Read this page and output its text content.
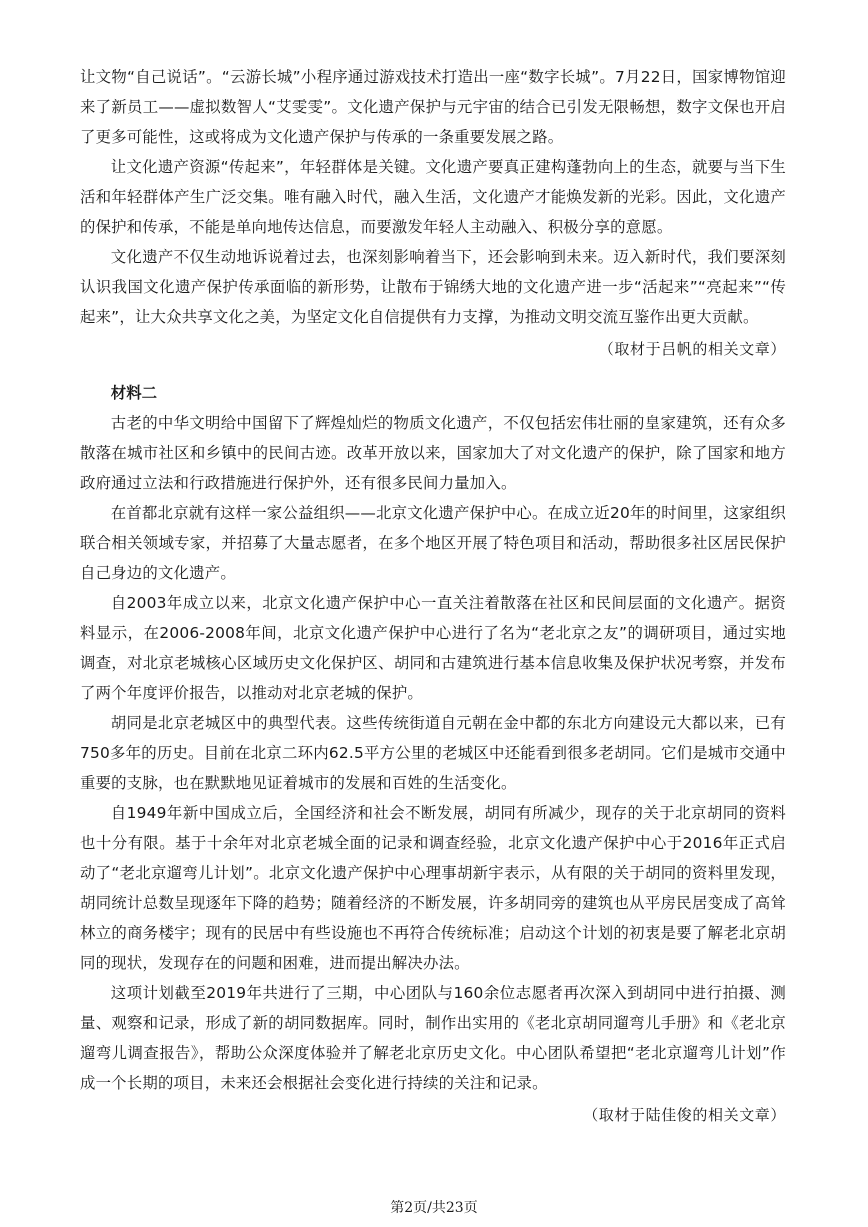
让文物“自己说话”。“云游长城”小程序通过游戏技术打造出一座“数字长城”。7月22日，国家博物馆迎来了新员工——虚拟数智人“艾雯雯”。文化遗产保护与元宇宙的结合已引发无限畅想，数字文保也开启了更多可能性，这或将成为文化遗产保护与传承的一条重要发展之路。

让文化遗产资源“传起来”，年轻群体是关键。文化遗产要真正建构蓬勃向上的生态，就要与当下生活和年轻群体产生广泛交集。唯有融入时代，融入生活，文化遗产才能焕发新的光彩。因此，文化遗产的保护和传承，不能是单向地传达信息，而要激发年轻人主动融入、积极分享的意愿。

文化遗产不仅生动地诉说着过去，也深刻影响着当下，还会影响到未来。迈入新时代，我们要深刻认识我国文化遗产保护传承面临的新形势，让散布于锦绣大地的文化遗产进一步“活起来”“亮起来”“传起来”，让大众共享文化之美，为坚定文化自信提供有力支撑，为推动文明交流互鉴作出更大贡献。

（取材于吕帆的相关文章）

材料二

古老的中华文明给中国留下了辉煌灿烂的物质文化遗产，不仅包括宏伟壮丽的皇家建筑，还有众多散落在城市社区和乡镇中的民间古迹。改革开放以来，国家加大了对文化遗产的保护，除了国家和地方政府通过立法和行政措施进行保护外，还有很多民间力量加入。

在首都北京就有这样一家公益组织——北京文化遗产保护中心。在成立近20年的时间里，这家组织联合相关领域专家，并招募了大量志愿者，在多个地区开展了特色项目和活动，帮助很多社区居民保护自己身边的文化遗产。

自2003年成立以来，北京文化遗产保护中心一直关注着散落在社区和民间层面的文化遗产。据资料显示，在2006-2008年间，北京文化遗产保护中心进行了名为“老北京之友”的调研项目，通过实地调查，对北京老城核心区域历史文化保护区、胡同和古建筑进行基本信息收集及保护状况考察，并发布了两个年度评价报告，以推动对北京老城的保护。

胡同是北京老城区中的典型代表。这些传统街道自元朝在金中都的东北方向建设元大都以来，已有750多年的历史。目前在北京二环内62.5平方公里的老城区中还能看到很多老胡同。它们是城市交通中重要的支脉，也在默默地见证着城市的发展和百姓的生活变化。

自1949年新中国成立后，全国经济和社会不断发展，胡同有所减少，现存的关于北京胡同的资料也十分有限。基于十余年对北京老城全面的记录和调查经验，北京文化遗产保护中心于2016年正式启动了“老北京遛弯儿计划”。北京文化遗产保护中心理事胡新宇表示，从有限的关于胡同的资料里发现，胡同统计总数呈现逐年下降的趋势；随着经济的不断发展，许多胡同旁的建筑也从平房民居变成了高耸林立的商务楼宇；现有的民居中有些设施也不再符合传统标准；启动这个计划的初衷是要了解老北京胡同的现状，发现存在的问题和困难，进而提出解决办法。

这项计划截至2019年共进行了三期，中心团队与160余位志愿者再次深入到胡同中进行拍摄、测量、观察和记录，形成了新的胡同数据库。同时，制作出实用的《老北京胡同遛弯儿手册》和《老北京遛弯儿调查报告》，帮助公众深度体验并了解老北京历史文化。中心团队希望把“老北京遛弯儿计划”作成一个长期的项目，未来还会根据社会变化进行持续的关注和记录。

（取材于陆佳俊的相关文章）

第2页/共23页
